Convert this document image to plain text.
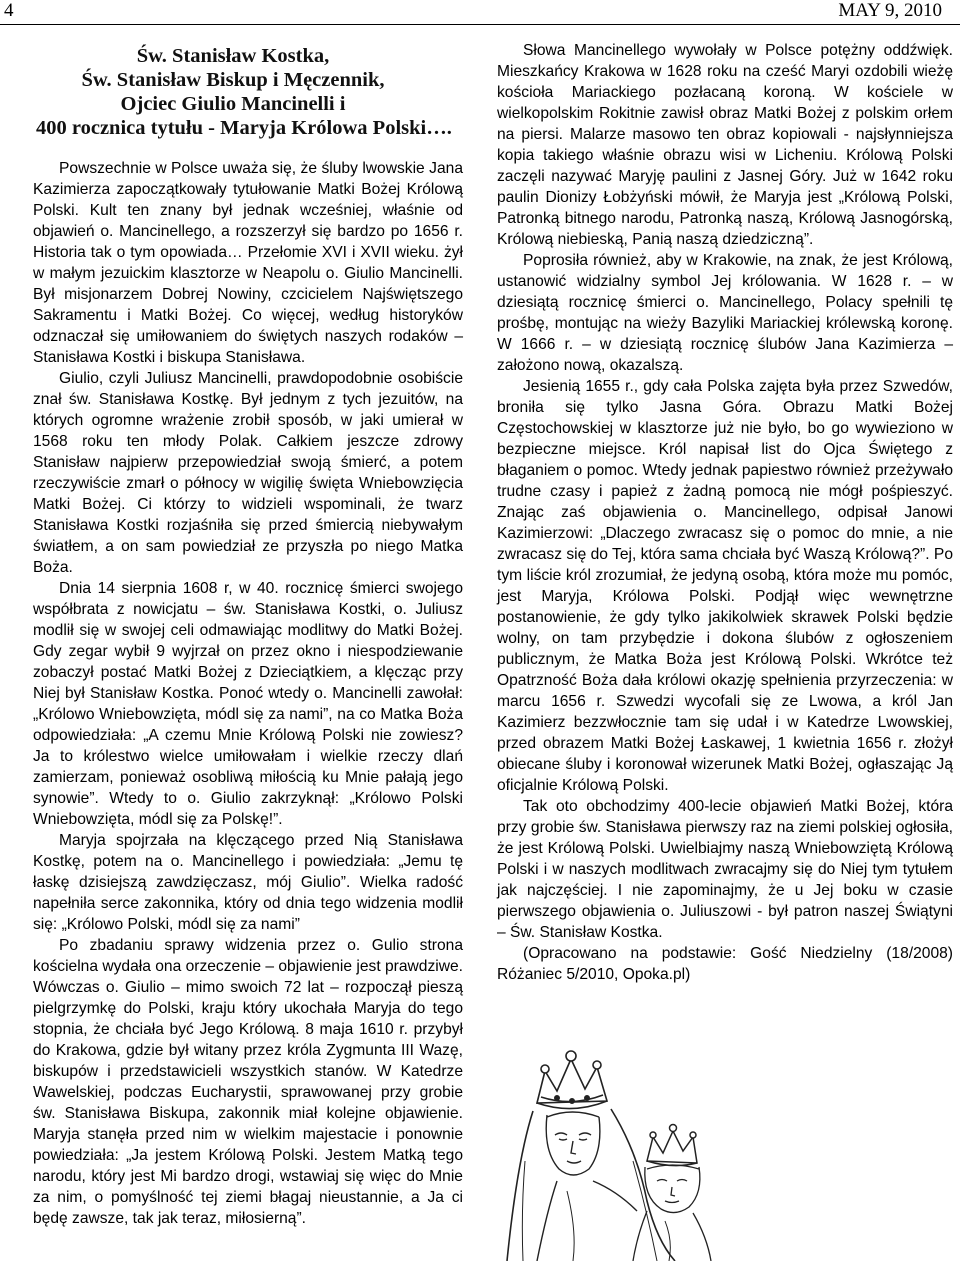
4	MAY 9, 2010
Św. Stanisław Kostka,
Św. Stanisław Biskup i Męczennik,
Ojciec Giulio Mancinelli i
400 rocznica tytułu - Maryja Królowa Polski….

Powszechnie w Polsce uważa się, że śluby lwowskie Jana Kazimierza zapoczątkowały tytułowanie Matki Bożej Królową Polski. Kult ten znany był jednak wcześniej, właśnie od objawień o. Mancinellego, a rozszerzył się bardzo po 1656 r. Historia tak o tym opowiada… Przełomie XVI i XVII wieku. żył w małym jezuickim klasztorze w Neapolu o. Giulio Mancinelli. Był misjonarzem Dobrej Nowiny, czcicielem Najświętszego Sakramentu i Matki Bożej. Co więcej, według historyków odznaczał się umiłowaniem do świętych naszych rodaków – Stanisława Kostki i biskupa Stanisława.

Giulio, czyli Juliusz Mancinelli, prawdopodobnie osobiście znał św. Stanisława Kostkę. Był jednym z tych jezuitów, na których ogromne wrażenie zrobił sposób, w jaki umierał w 1568 roku ten młody Polak. Całkiem jeszcze zdrowy Stanisław najpierw przepowiedział swoją śmierć, a potem rzeczywiście zmarł o północy w wigilię święta Wniebowzięcia Matki Bożej. Ci którzy to widzieli wspominali, że twarz Stanisława Kostki rozjaśniła się przed śmiercią niebywałym światłem, a on sam powiedział ze przyszła po niego Matka Boża.

Dnia 14 sierpnia 1608 r, w 40. rocznicę śmierci swojego współbrata z nowicjatu – św. Stanisława Kostki, o. Juliusz modlił się w swojej celi odmawiając modlitwy do Matki Bożej. Gdy zegar wybił 9 wyjrzał on przez okno i niespodziewanie zobaczył postać Matki Bożej z Dzieciątkiem, a klęcząc przy Niej był Stanisław Kostka. Ponoć wtedy o. Mancinelli zawołał: „Królowo Wniebowzięta, módl się za nami”, na co Matka Boża odpowiedziała: „A czemu Mnie Królową Polski nie zowiesz? Ja to królestwo wielce umiłowałam i wielkie rzeczy dlań zamierzam, ponieważ osobliwą miłością ku Mnie pałają jego synowie”. Wtedy to o. Giulio zakrzyknął: „Królowo Polski Wniebowzięta, módl się za Polskę!”.

Maryja spojrzała na klęczącego przed Nią Stanisława Kostkę, potem na o. Mancinellego i powiedziała: „Jemu tę łaskę dzisiejszą zawdzięczasz, mój Giulio”. Wielka radość napełniła serce zakonnika, który od dnia tego widzenia modlił się: „Królowo Polski, módl się za nami”

Po zbadaniu sprawy widzenia przez o. Gulio strona kościelna wydała ona orzeczenie – objawienie jest prawdziwe. Wówczas o. Giulio – mimo swoich 72 lat – rozpoczął pieszą pielgrzymkę do Polski, kraju który ukochała Maryja do tego stopnia, że chciała być Jego Królową. 8 maja 1610 r. przybył do Krakowa, gdzie był witany przez króla Zygmunta III Wazę, biskupów i przedstawicieli wszystkich stanów. W Katedrze Wawelskiej, podczas Eucharystii, sprawowanej przy grobie św. Stanisława Biskupa, zakonnik miał kolejne objawienie. Maryja stanęła przed nim w wielkim majestacie i ponownie powiedziała: „Ja jestem Królową Polski. Jestem Matką tego narodu, który jest Mi bardzo drogi, wstawiaj się więc do Mnie za nim, o pomyślność tej ziemi błagaj nieustannie, a Ja ci będę zawsze, tak jak teraz, miłosierną”.

Słowa Mancinellego wywołały w Polsce potężny oddźwięk. Mieszkańcy Krakowa w 1628 roku na cześć Maryi ozdobili wieżę kościoła Mariackiego pozłacaną koroną. W kościele w wielkopolskim Rokitnie zawisł obraz Matki Bożej z polskim orłem na piersi. Malarze masowo ten obraz kopiowali - najsłynniejsza kopia takiego właśnie obrazu wisi w Licheniu. Królową Polski zaczęli nazywać Maryję paulini z Jasnej Góry. Już w 1642 roku paulin Dionizy Łobżyński mówił, że Maryja jest „Królową Polski, Patronką bitnego narodu, Patronką naszą, Królową Jasnogórską, Królową niebieską, Panią naszą dziedziczną”.

Poprosiła również, aby w Krakowie, na znak, że jest Królową, ustanowić widzialny symbol Jej królowania. W 1628 r. – w dziesiątą rocznicę śmierci o. Mancinellego, Polacy spełnili tę prośbę, montując na wieży Bazyliki Mariackiej królewską koronę. W 1666 r. – w dziesiątą rocznicę ślubów Jana Kazimierza – założono nową, okazalszą.

Jesienią 1655 r., gdy cała Polska zajęta była przez Szwedów, broniła się tylko Jasna Góra. Obrazu Matki Bożej Częstochowskiej w klasztorze już nie było, bo go wywieziono w bezpieczne miejsce. Król napisał list do Ojca Świętego z błaganiem o pomoc. Wtedy jednak papiestwo również przeżywało trudne czasy i papież z żadną pomocą nie mógł pośpieszyć. Znając zaś objawienia o. Mancinellego, odpisał Janowi Kazimierzowi: „Dlaczego zwracasz się o pomoc do mnie, a nie zwracasz się do Tej, która sama chciała być Waszą Królową?”. Po tym liście król zrozumiał, że jedyną osobą, która może mu pomóc, jest Maryja, Królowa Polski. Podjął więc wewnętrzne postanowienie, że gdy tylko jakikolwiek skrawek Polski będzie wolny, on tam przybędzie i dokona ślubów z ogłoszeniem publicznym, że Matka Boża jest Królową Polski. Wkrótce też Opatrzność Boża dała królowi okazję spełnienia przyrzeczenia: w marcu 1656 r. Szwedzi wycofali się ze Lwowa, a król Jan Kazimierz bezzwłocznie tam się udał i w Katedrze Lwowskiej, przed obrazem Matki Bożej Łaskawej, 1 kwietnia 1656 r. złożył obiecane śluby i koronował wizerunek Matki Bożej, ogłaszając Ją oficjalnie Królową Polski.

Tak oto obchodzimy 400-lecie objawień Matki Bożej, która przy grobie św. Stanisława pierwszy raz na ziemi polskiej ogłosiła, że jest Królową Polski. Uwielbiajmy naszą Wniebowziętą Królową Polski i w naszych modlitwach zwracajmy się do Niej tym tytułem jak najczęściej. I nie zapominajmy, że u Jej boku w czasie pierwszego objawienia o. Juliuszowi - był patron naszej Świątyni – Św. Stanisław Kostka.

(Opracowano na podstawie: Gość Niedzielny (18/2008) Różaniec 5/2010, Opoka.pl)
